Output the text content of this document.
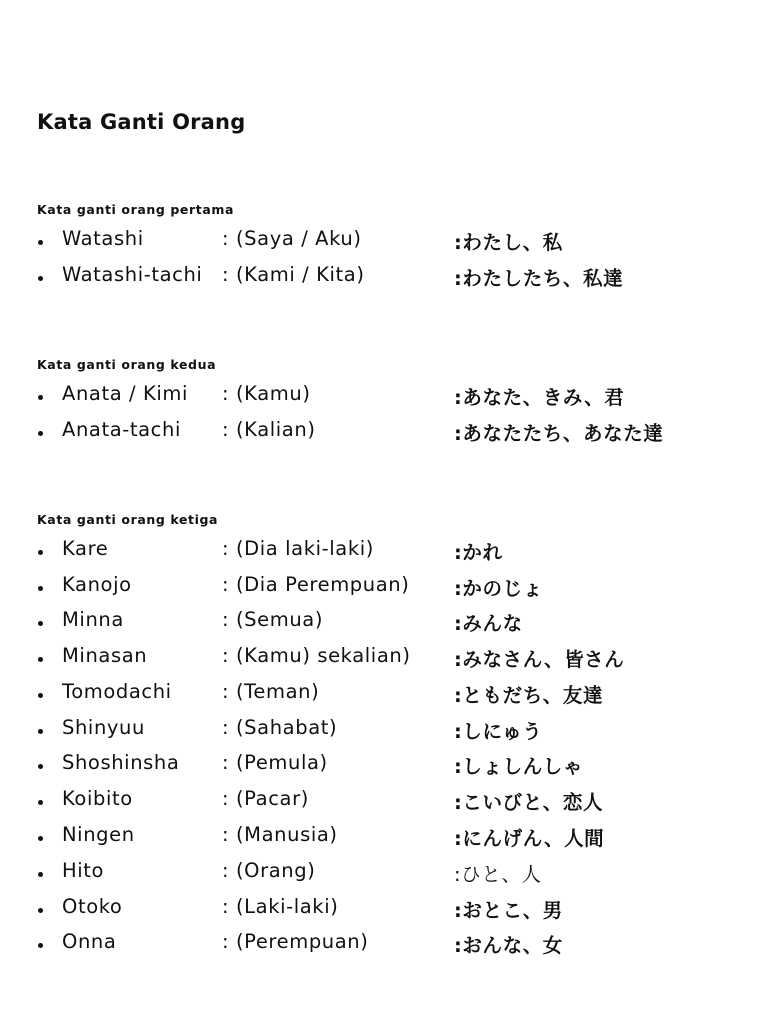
Kata Ganti Orang
Kata ganti orang pertama
Watashi	: (Saya / Aku)	:わたし、私
Watashi-tachi : (Kami / Kita)	:わたしたち、私達
Kata ganti orang kedua
Anata / Kimi : (Kamu)	:あなた、きみ、君
Anata-tachi : (Kalian)	:あなたたち、あなた達
Kata ganti orang ketiga
Kare	: (Dia laki-laki)	:かれ
Kanojo	: (Dia Perempuan) :かのじょ
Minna	: (Semua)	:みんな
Minasan	: (Kamu) sekalian) :みなさん、皆さん
Tomodachi	: (Teman)	:ともだち、友達
Shinyuu	: (Sahabat)	:しにゅう
Shoshinsha : (Pemula)	:しょしんしゃ
Koibito	: (Pacar)	:こいびと、恋人
Ningen	: (Manusia)	:にんげん、人間
Hito	: (Orang)	:ひと、人
Otoko	: (Laki-laki)	:おとこ、男
Onna	: (Perempuan)	:おんな、女
